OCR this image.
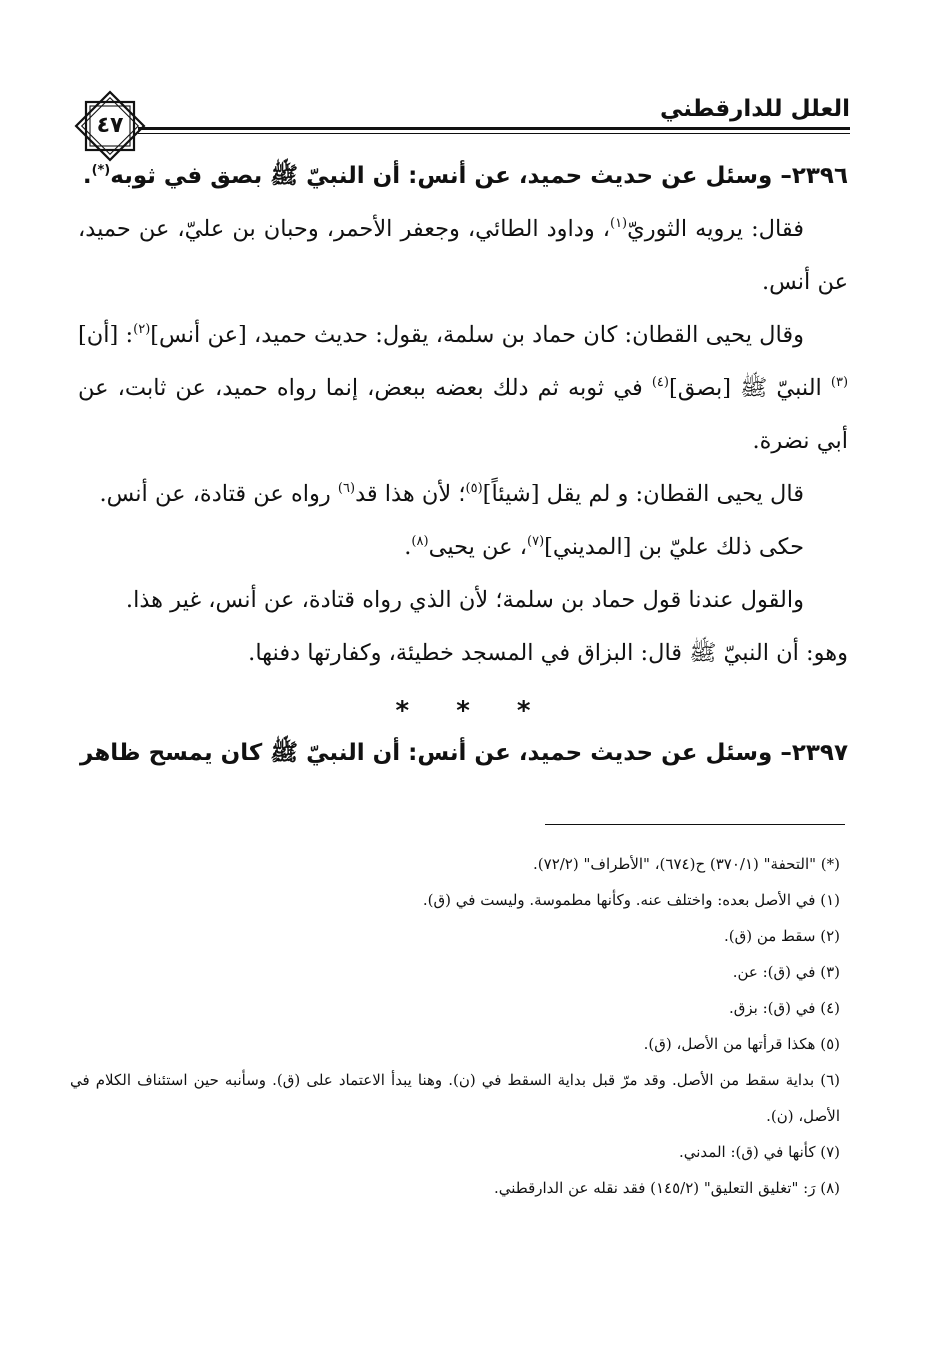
العلل للدارقطني
٤٧

٢٣٩٦– وسئل عن حديث حميد، عن أنس: أن النبيّ ﷺ بصق في ثوبه(*).

فقال: يرويه الثوريّ$^{(١)}$، وداود الطائي، وجعفر الأحمر، وحبان بن عليّ، عن حميد، عن أنس.

وقال يحيى القطان: كان حماد بن سلمة، يقول: حديث حميد، [عن أنس]$^{(٢)}$: [أن]$^{(٣)}$ النبيّ ﷺ [بصق]$^{(٤)}$ في ثوبه ثم دلك بعضه ببعض، إنما رواه حميد، عن ثابت، عن أبي نضرة.

قال يحيى القطان: و لم يقل [شيئاً]$^{(٥)}$؛ لأن هذا قد$^{(٦)}$ رواه عن قتادة، عن أنس.

حكى ذلك عليّ بن [المديني]$^{(٧)}$، عن يحيى$^{(٨)}$.

والقول عندنا قول حماد بن سلمة؛ لأن الذي رواه قتادة، عن أنس، غير هذا.

وهو: أن النبيّ ﷺ قال: البزاق في المسجد خطيئة، وكفارتها دفنها.

* * *

٢٣٩٧– وسئل عن حديث حميد، عن أنس: أن النبيّ ﷺ كان يمسح ظاهر

(*) "التحفة" (٣٧٠/١) ح(٦٧٤)، "الأطراف" (٧٢/٢).

(١) في الأصل بعده: واختلف عنه. وكأنها مطموسة. وليست في (ق).

(٢) سقط من (ق).

(٣) في (ق): عن.

(٤) في (ق): بزق.

(٥) هكذا قرأتها من الأصل، (ق).

(٦) بداية سقط من الأصل. وقد مرّ قبل بداية السقط في (ن). وهنا يبدأ الاعتماد على (ق). وسأنبه حين استئناف الكلام في الأصل، (ن).

(٧) كأنها في (ق): المدني.

(٨) رَ: "تغليق التعليق" (١٤٥/٢) فقد نقله عن الدارقطني.
